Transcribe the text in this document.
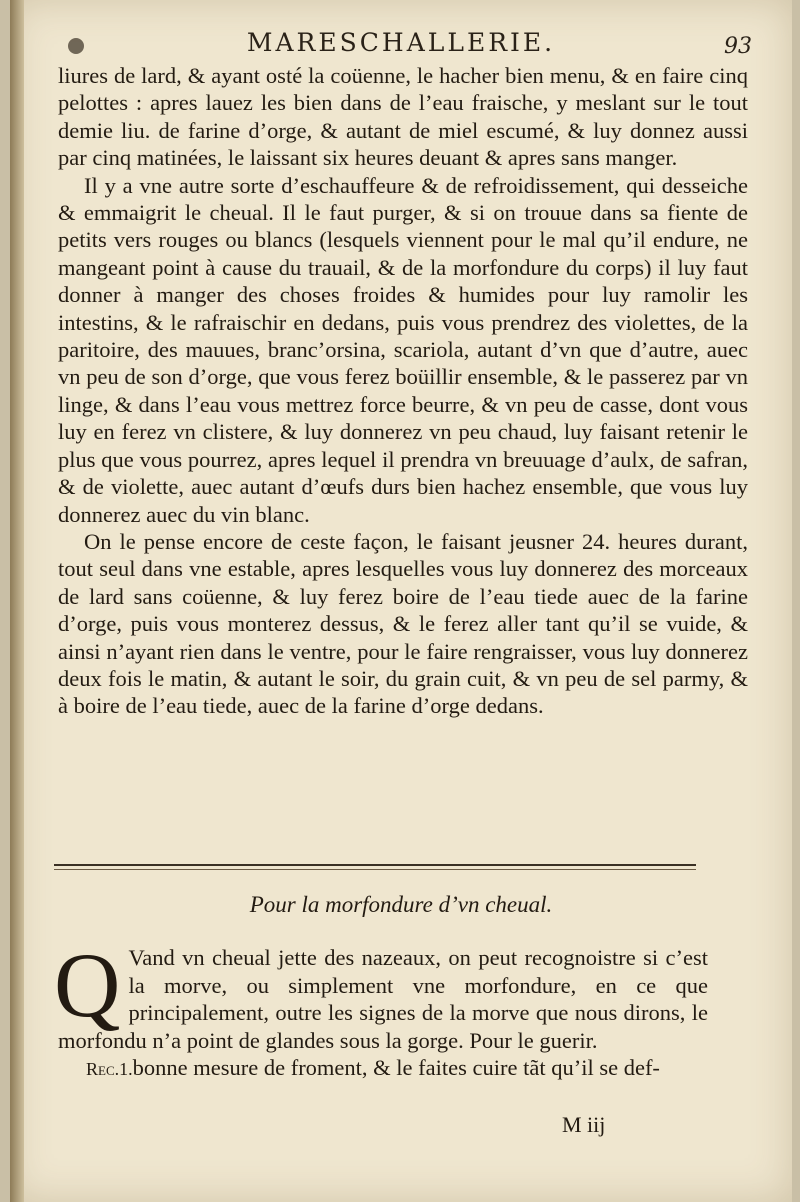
MARESCHALLERIE.	93

liures de lard, & ayant osté la coüenne, le hacher bien menu, & en faire cinq pelottes : apres lauez les bien dans de l’eau fraische, y meslant sur le tout demie liu. de farine d’orge, & autant de miel escumé, & luy donnez aussi par cinq matinées, le laissant six heures deuant & apres sans manger.

Il y a vne autre sorte d’eschauffeure & de refroidissement, qui desseiche & emmaigrit le cheual. Il le faut purger, & si on trouue dans sa fiente de petits vers rouges ou blancs (lesquels viennent pour le mal qu’il endure, ne mangeant point à cause du trauail, & de la morfondure du corps) il luy faut donner à manger des choses froides & humides pour luy ramolir les intestins, & le rafraischir en dedans, puis vous prendrez des violettes, de la paritoire, des mauues, branc’orsina, scariola, autant d’vn que d’autre, auec vn peu de son d’orge, que vous ferez boüillir ensemble, & le passerez par vn linge, & dans l’eau vous mettrez force beurre, & vn peu de casse, dont vous luy en ferez vn clistere, & luy donnerez vn peu chaud, luy faisant retenir le plus que vous pourrez, apres lequel il prendra vn breuuage d’aulx, de safran, & de violette, auec autant d’œufs durs bien hachez ensemble, que vous luy donnerez auec du vin blanc.

On le pense encore de ceste façon, le faisant jeusner 24. heures durant, tout seul dans vne estable, apres lesquelles vous luy donnerez des morceaux de lard sans coüenne, & luy ferez boire de l’eau tiede auec de la farine d’orge, puis vous monterez dessus, & le ferez aller tant qu’il se vuide, & ainsi n’ayant rien dans le ventre, pour le faire rengraisser, vous luy donnerez deux fois le matin, & autant le soir, du grain cuit, & vn peu de sel parmy, & à boire de l’eau tiede, auec de la farine d’orge dedans.

Pour la morfondure d’vn cheual.
Q Vand vn cheual jette des nazeaux, on peut recognoistre si c’est la morve, ou simplement vne morfondure, en ce que principalement, outre les signes de la morve que nous dirons, le morfondu n’a point de glandes sous la gorge. Pour le guerir.

Rec.1.bonne mesure de froment, & le faites cuire tãt qu’il se def-

M iij
